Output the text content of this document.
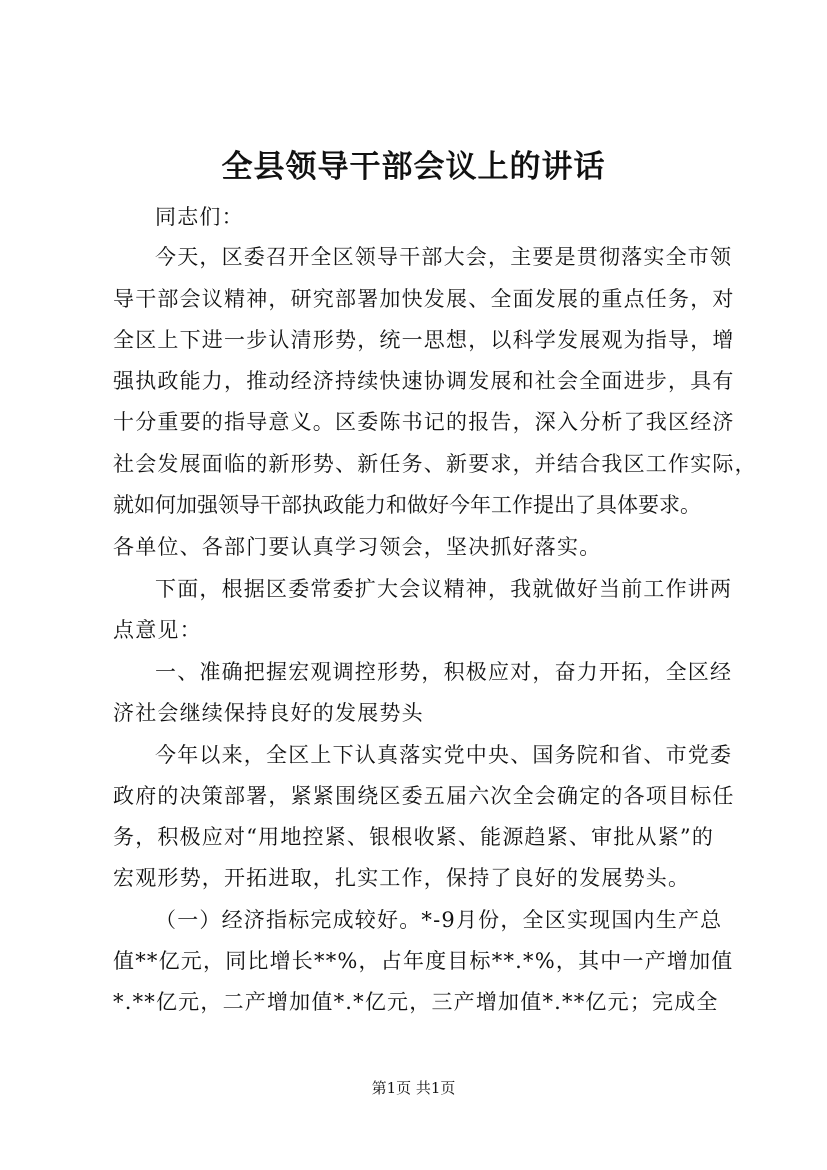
全县领导干部会议上的讲话
同志们：
今天，区委召开全区领导干部大会，主要是贯彻落实全市领
导干部会议精神，研究部署加快发展、全面发展的重点任务，对
全区上下进一步认清形势，统一思想，以科学发展观为指导，增
强执政能力，推动经济持续快速协调发展和社会全面进步，具有
十分重要的指导意义。区委陈书记的报告，深入分析了我区经济
社会发展面临的新形势、新任务、新要求，并结合我区工作实际，
就如何加强领导干部执政能力和做好今年工作提出了具体要求。
各单位、各部门要认真学习领会，坚决抓好落实。
下面，根据区委常委扩大会议精神，我就做好当前工作讲两
点意见：
一、准确把握宏观调控形势，积极应对，奋力开拓，全区经
济社会继续保持良好的发展势头
今年以来，全区上下认真落实党中央、国务院和省、市党委
政府的决策部署，紧紧围绕区委五届六次全会确定的各项目标任
务，积极应对“用地控紧、银根收紧、能源趋紧、审批从紧”的
宏观形势，开拓进取，扎实工作，保持了良好的发展势头。
（一）经济指标完成较好。*-9月份，全区实现国内生产总
值**亿元，同比增长**%，占年度目标**.*%，其中一产增加值
*.**亿元，二产增加值*.*亿元，三产增加值*.**亿元；完成全
第1页 共1页
